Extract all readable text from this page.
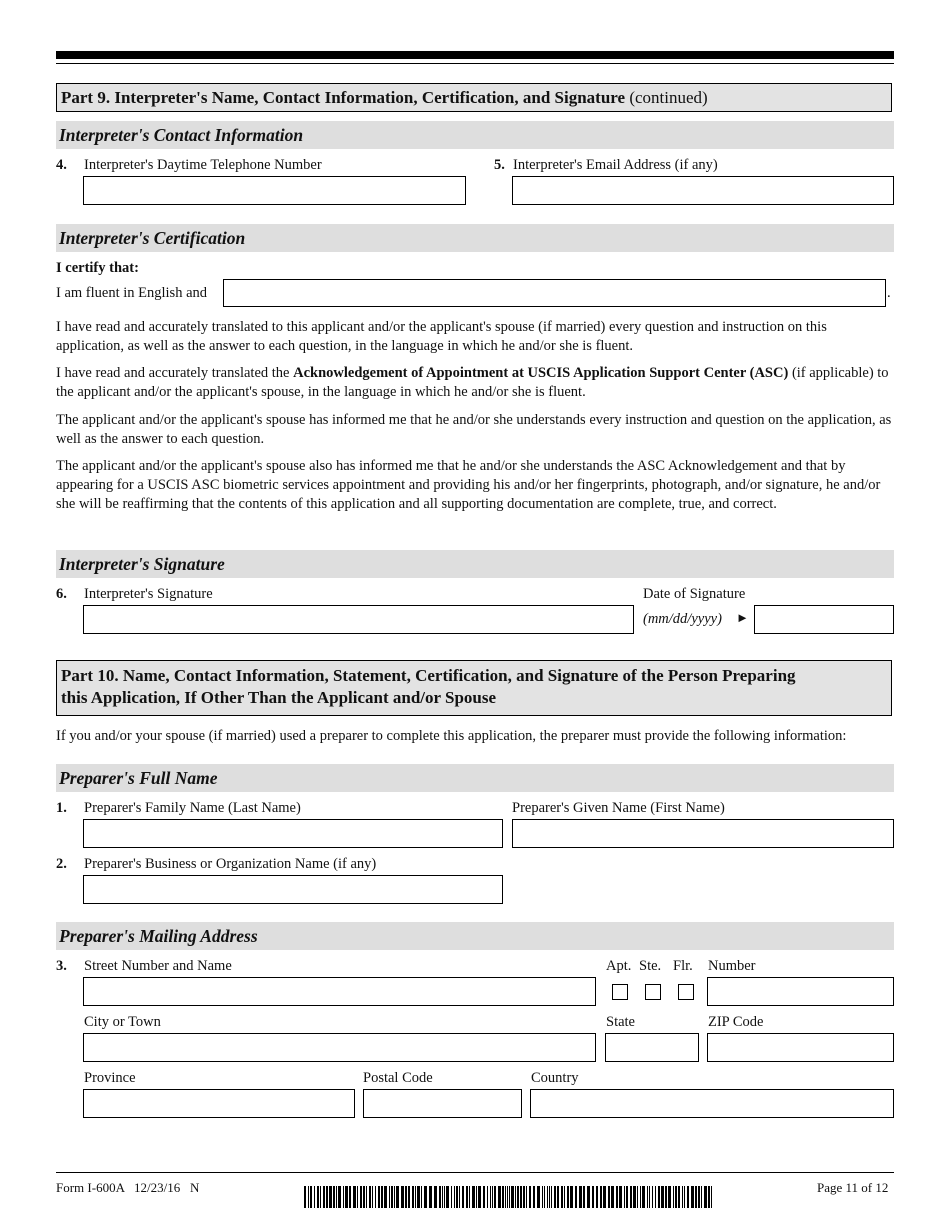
Part 9. Interpreter's Name, Contact Information, Certification, and Signature (continued)
Interpreter's Contact Information
4. Interpreter's Daytime Telephone Number	5. Interpreter's Email Address (if any)
Interpreter's Certification
I certify that:
I am fluent in English and	.

I have read and accurately translated to this applicant and/or the applicant's spouse (if married) every question and instruction on this application, as well as the answer to each question, in the language in which he and/or she is fluent.

I have read and accurately translated the Acknowledgement of Appointment at USCIS Application Support Center (ASC) (if applicable) to the applicant and/or the applicant's spouse, in the language in which he and/or she is fluent.

The applicant and/or the applicant's spouse has informed me that he and/or she understands every instruction and question on the application, as well as the answer to each question.

The applicant and/or the applicant's spouse also has informed me that he and/or she understands the ASC Acknowledgement and that by appearing for a USCIS ASC biometric services appointment and providing his and/or her fingerprints, photograph, and/or signature, he and/or she will be reaffirming that the contents of this application and all supporting documentation are complete, true, and correct.

Interpreter's Signature
6. Interpreter's Signature	Date of Signature
(mm/dd/yyyy) ►
Part 10. Name, Contact Information, Statement, Certification, and Signature of the Person Preparing
this Application, If Other Than the Applicant and/or Spouse

If you and/or your spouse (if married) used a preparer to complete this application, the preparer must provide the following information:

Preparer's Full Name
1. Preparer's Family Name (Last Name)	Preparer's Given Name (First Name)
2. Preparer's Business or Organization Name (if any)
Preparer's Mailing Address
3. Street Number and Name	Apt. Ste. Flr. Number
City or Town	State	ZIP Code
Province	Postal Code	Country
Form I-600A   12/23/16   N	Page 11 of 12
